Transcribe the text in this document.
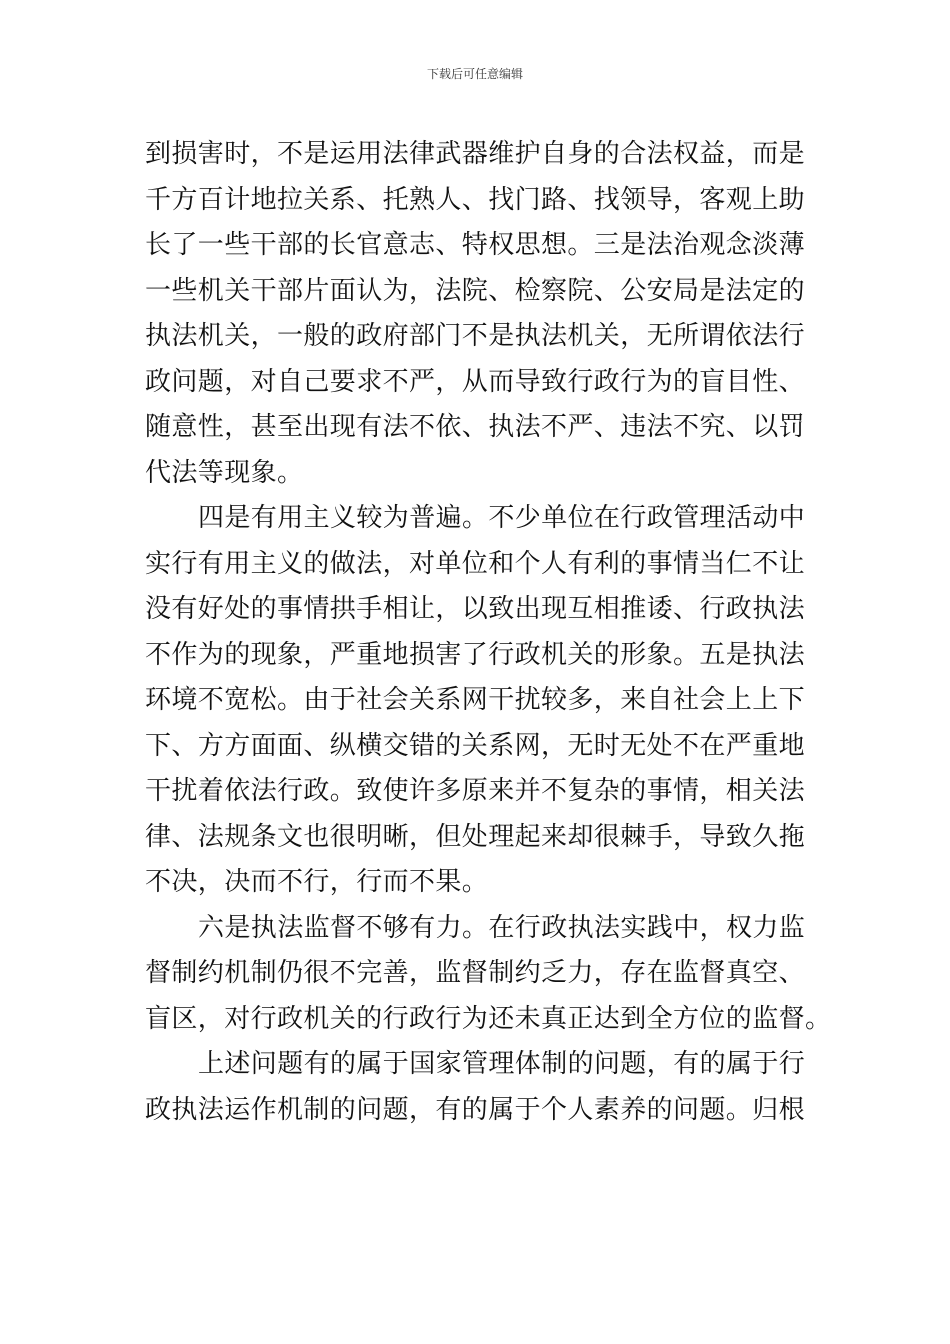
下载后可任意编辑
到损害时，不是运用法律武器维护自身的合法权益，而是
千方百计地拉关系、托熟人、找门路、找领导，客观上助
长了一些干部的长官意志、特权思想。三是法治观念淡薄
一些机关干部片面认为，法院、检察院、公安局是法定的
执法机关，一般的政府部门不是执法机关，无所谓依法行
政问题，对自己要求不严，从而导致行政行为的盲目性、
随意性，甚至出现有法不依、执法不严、违法不究、以罚
代法等现象。
四是有用主义较为普遍。不少单位在行政管理活动中
实行有用主义的做法，对单位和个人有利的事情当仁不让
没有好处的事情拱手相让，以致出现互相推诿、行政执法
不作为的现象，严重地损害了行政机关的形象。五是执法
环境不宽松。由于社会关系网干扰较多，来自社会上上下
下、方方面面、纵横交错的关系网，无时无处不在严重地
干扰着依法行政。致使许多原来并不复杂的事情，相关法
律、法规条文也很明晰，但处理起来却很棘手，导致久拖
不决，决而不行，行而不果。
六是执法监督不够有力。在行政执法实践中，权力监
督制约机制仍很不完善，监督制约乏力，存在监督真空、
盲区，对行政机关的行政行为还未真正达到全方位的监督。
上述问题有的属于国家管理体制的问题，有的属于行
政执法运作机制的问题，有的属于个人素养的问题。归根
